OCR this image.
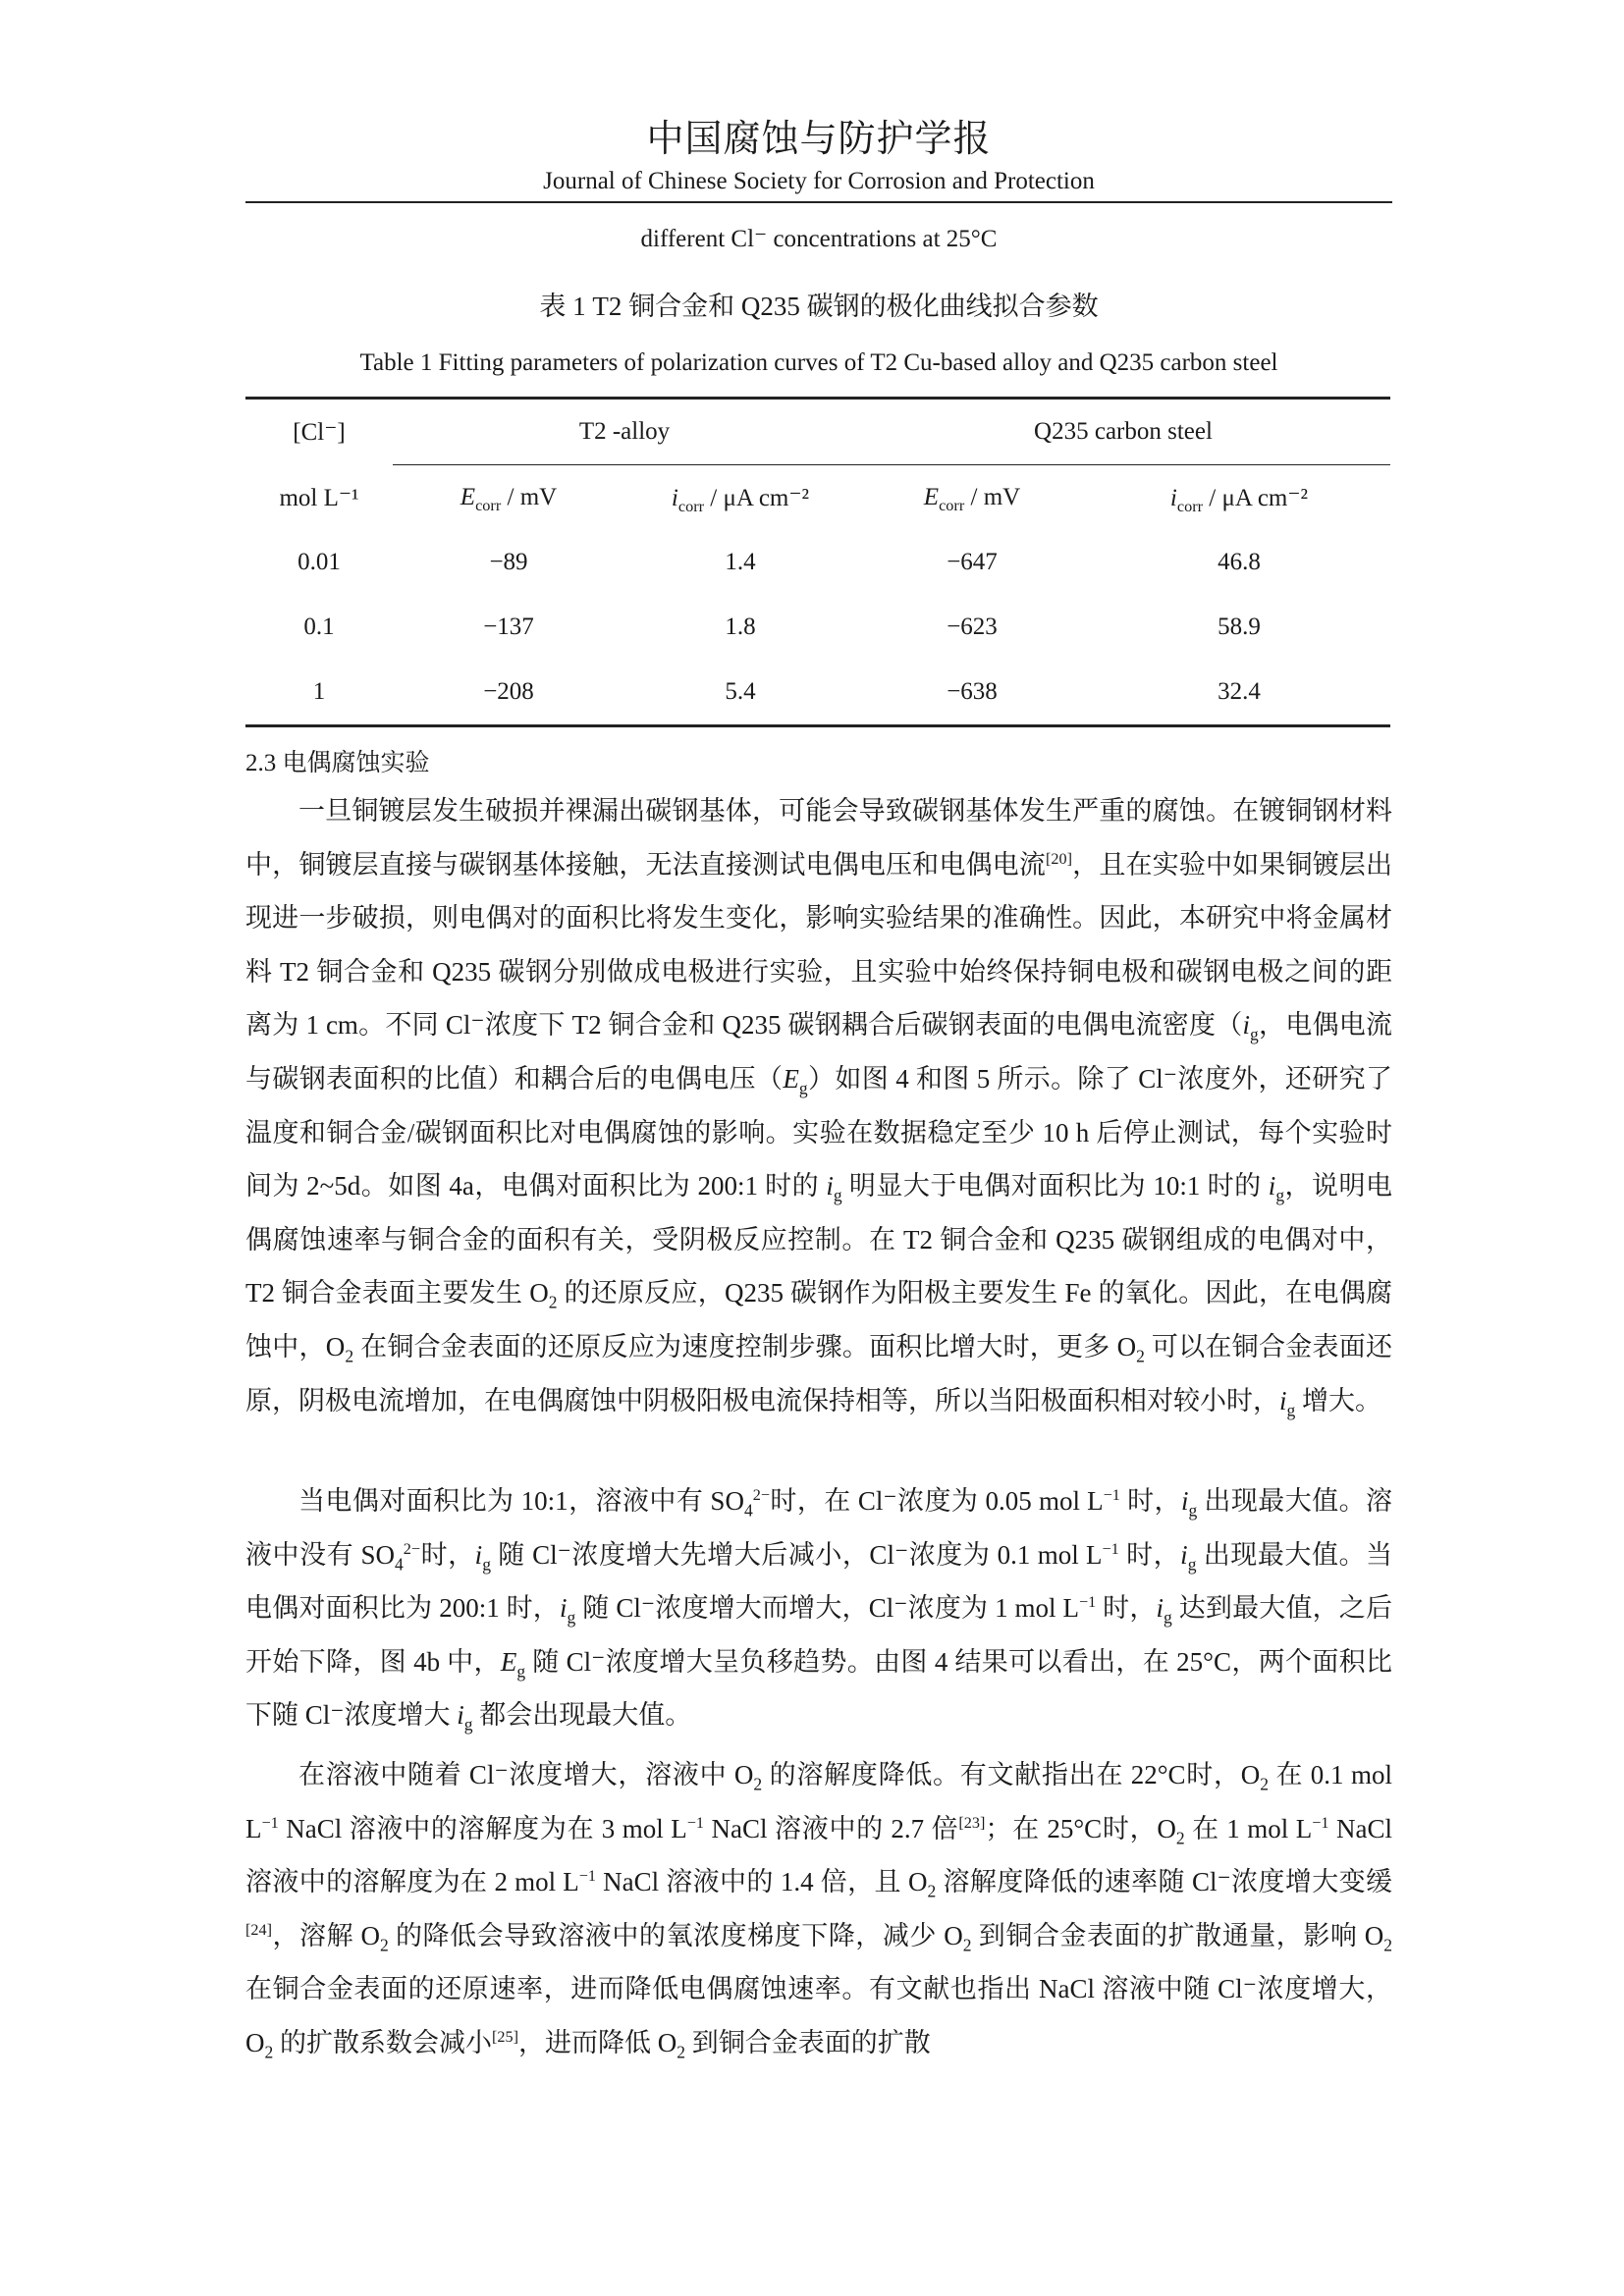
中国腐蚀与防护学报
Journal of Chinese Society for Corrosion and Protection
different Cl⁻ concentrations at 25°C
表 1 T2 铜合金和 Q235 碳钢的极化曲线拟合参数
Table 1 Fitting parameters of polarization curves of T2 Cu-based alloy and Q235 carbon steel
[Cl⁻]	T2 -alloy		Q235 carbon steel	
mol L⁻¹	$E_{corr}$ / mV	$i_{corr}$ / μA cm⁻²	$E_{corr}$ / mV	$i_{corr}$ / μA cm⁻²
0.01	−89	1.4	−647	46.8
0.1	−137	1.8	−623	58.9
1	−208	5.4	−638	32.4
2.3 电偶腐蚀实验
一旦铜镀层发生破损并裸漏出碳钢基体，可能会导致碳钢基体发生严重的腐蚀。在镀铜钢材料中，铜镀层直接与碳钢基体接触，无法直接测试电偶电压和电偶电流[20]，且在实验中如果铜镀层出现进一步破损，则电偶对的面积比将发生变化，影响实验结果的准确性。因此，本研究中将金属材料 T2 铜合金和 Q235 碳钢分别做成电极进行实验，且实验中始终保持铜电极和碳钢电极之间的距离为 1 cm。不同 Cl⁻浓度下 T2 铜合金和 Q235 碳钢耦合后碳钢表面的电偶电流密度（$i_g$，电偶电流与碳钢表面积的比值）和耦合后的电偶电压$(E_g)$如图 4 和图 5 所示。除了 Cl⁻浓度外，还研究了温度和铜合金/碳钢面积比对电偶腐蚀的影响。实验在数据稳定至少 10 h 后停止测试，每个实验时间为 2~5d。如图 4a，电偶对面积比为 200:1 时的 $i_g$ 明显大于电偶对面积比为 10:1 时的 $i_g$，说明电偶腐蚀速率与铜合金的面积有关，受阴极反应控制。在 T2 铜合金和 Q235 碳钢组成的电偶对中，T2 铜合金表面主要发生 $O_2$ 的还原反应，Q235 碳钢作为阳极主要发生 Fe 的氧化。因此，在电偶腐蚀中，$O_2$ 在铜合金表面的还原反应为速度控制步骤。面积比增大时，更多 $O_2$ 可以在铜合金表面还原，阴极电流增加，在电偶腐蚀中阴极阳极电流保持相等，所以当阳极面积相对较小时，$i_g$ 增大。
当电偶对面积比为 10:1，溶液中有 $SO_4^{2-}$时，在 Cl⁻浓度为 0.05 mol $L^{-1}$ 时，$i_g$ 出现最大值。溶液中没有 $SO_4^{2-}$时，$i_g$ 随 Cl⁻浓度增大先增大后减小，Cl⁻浓度为 0.1 mol $L^{-1}$ 时，$i_g$ 出现最大值。当电偶对面积比为 200:1 时，$i_g$ 随 Cl⁻浓度增大而增大，Cl⁻浓度为 1 mol $L^{-1}$ 时，$i_g$ 达到最大值，之后开始下降，图 4b 中，$E_g$ 随 Cl⁻浓度增大呈负移趋势。由图 4 结果可以看出，在 25°C，两个面积比下随 Cl⁻浓度增大 $i_g$ 都会出现最大值。
在溶液中随着 Cl⁻浓度增大，溶液中 $O_2$ 的溶解度降低。有文献指出在 22°C时，$O_2$ 在 0.1 mol $L^{-1}$ NaCl 溶液中的溶解度为在 3 mol $L^{-1}$ NaCl 溶液中的 2.7 倍[23]；在 25°C时，$O_2$ 在 1 mol $L^{-1}$ NaCl 溶液中的溶解度为在 2 mol $L^{-1}$ NaCl 溶液中的 1.4 倍，且 $O_2$ 溶解度降低的速率随 Cl⁻浓度增大变缓[24]，溶解 $O_2$ 的降低会导致溶液中的氧浓度梯度下降，减少 $O_2$ 到铜合金表面的扩散通量，影响 $O_2$ 在铜合金表面的还原速率，进而降低电偶腐蚀速率。有文献也指出 NaCl 溶液中随 Cl⁻浓度增大，$O_2$ 的扩散系数会减小[25]，进而降低 $O_2$ 到铜合金表面的扩散
